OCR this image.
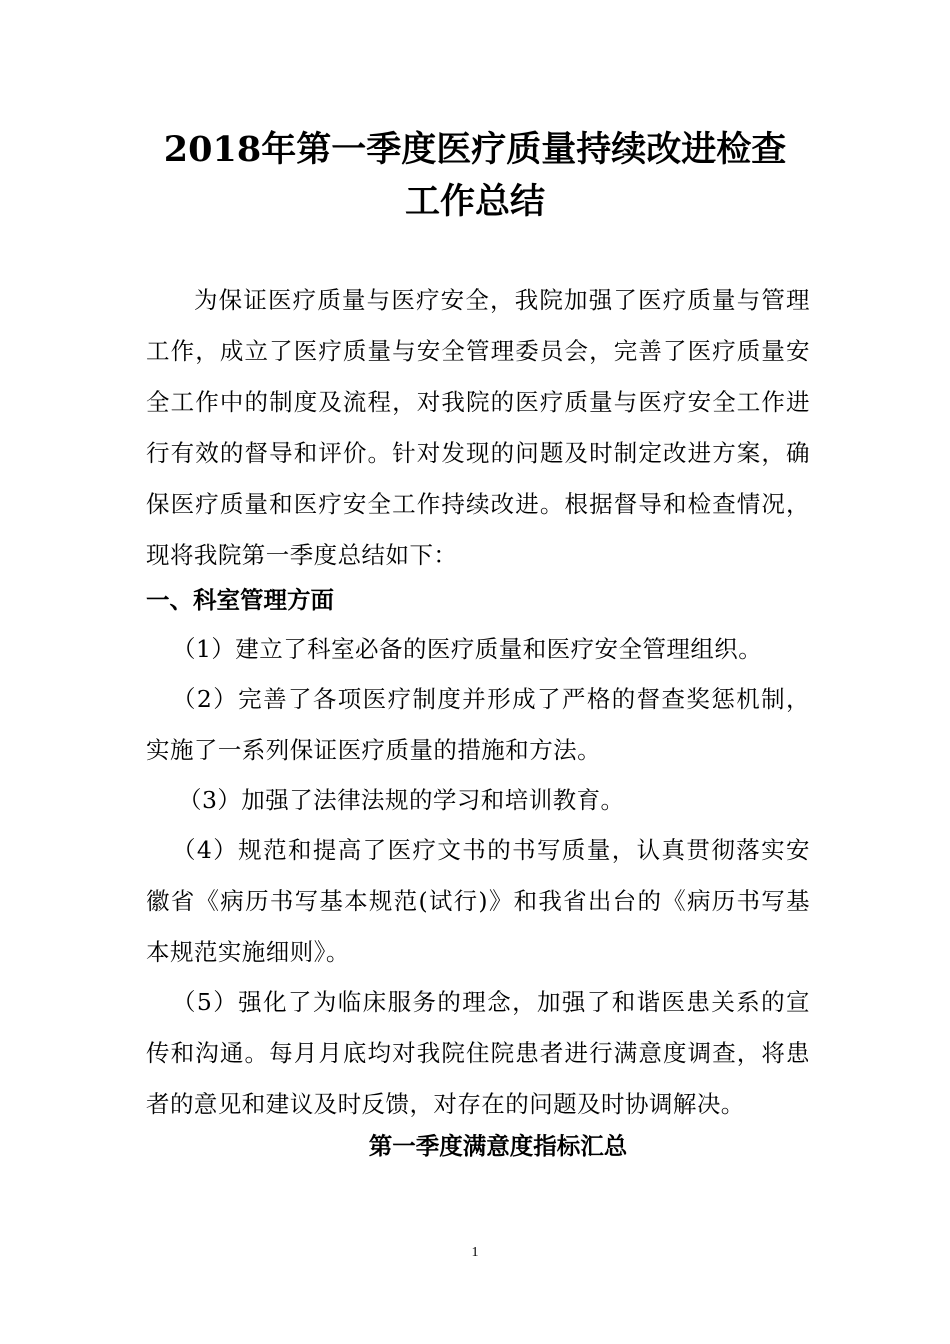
2018年第一季度医疗质量持续改进检查
工作总结
为保证医疗质量与医疗安全，我院加强了医疗质量与管理工作，成立了医疗质量与安全管理委员会，完善了医疗质量安全工作中的制度及流程，对我院的医疗质量与医疗安全工作进行有效的督导和评价。针对发现的问题及时制定改进方案，确保医疗质量和医疗安全工作持续改进。根据督导和检查情况，现将我院第一季度总结如下：
一、科室管理方面
（1）建立了科室必备的医疗质量和医疗安全管理组织。
（2）完善了各项医疗制度并形成了严格的督查奖惩机制，实施了一系列保证医疗质量的措施和方法。
（3）加强了法律法规的学习和培训教育。
（4）规范和提高了医疗文书的书写质量，认真贯彻落实安徽省《病历书写基本规范(试行)》和我省出台的《病历书写基本规范实施细则》。
（5）强化了为临床服务的理念，加强了和谐医患关系的宣传和沟通。每月月底均对我院住院患者进行满意度调查，将患者的意见和建议及时反馈，对存在的问题及时协调解决。
第一季度满意度指标汇总
1
